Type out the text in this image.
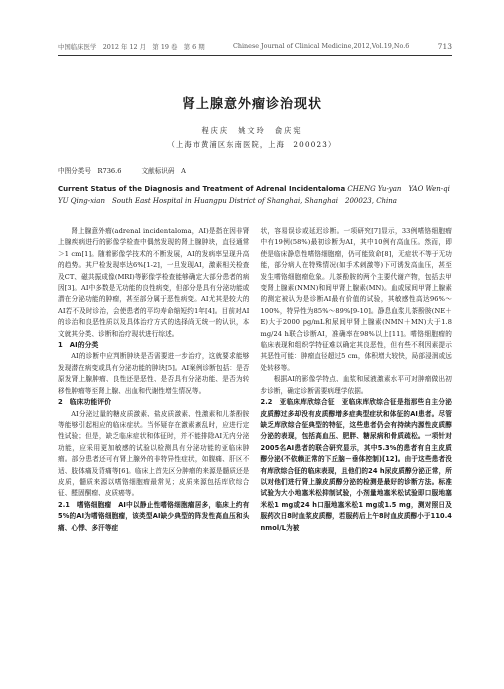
中国临床医学　2012 年 12 月　第 19 卷　第 6 期	Chinese Journal of Clinical Medicine,2012,Vol.19,No.6	713
肾上腺意外瘤诊治现状
程庆庆　姚文玲　俞庆宪
（上海市黄浦区东南医院，上海　200023）
中图分类号　R736.6	文献标识码　A
Current Status of the Diagnosis and Treatment of Adrenal Incidentaloma CHENG Yu-yan　YAO Wen-qi　YU Qing-xian　South East Hospital in Huangpu District of Shanghai, Shanghai　200023, China

肾上腺意外瘤(adrenal incidentaloma，AI)是指在因非肾上腺疾病进行的影像学检查中偶然发现的肾上腺肿块，直径通常＞1 cm[1]。随着影像学技术的不断发展，AI的发病率呈现升高的趋势。其尸检发现率达6%[1-2]，一旦发现AI，激素相关检查及CT、磁共振成像(MRI)等影像学检查能够确定大部分患者的病因[3]。AI中多数是无功能的良性病变，但部分是具有分泌功能或潜在分泌功能的肿瘤，甚至部分属于恶性病变。AI尤其是较大的AI若不及时诊治，会使患者的平均寿命缩短约1年[4]。目前对AI的诊治和良恶性质以及具体治疗方式的选择尚无统一的认识，本文就其分类、诊断和治疗现状进行综述。

1　AI的分类

AI的诊断中应判断肿块是否需要进一步治疗，这就要求能够发现潜在病变或具有分泌功能的肿块[5]。AI案例诊断包括：是否原发肾上腺肿瘤、良性还是恶性、是否具有分泌功能、是否为转移性肿瘤等至肾上腺、出血和代谢性增生情况等。

2　临床功能评价

AI分泌过量的糖皮质激素、盐皮质激素、性激素和儿茶酚胺等能够引起相应的临床症状。当怀疑存在激素紊乱时，应进行定性试验；但是，缺乏临床症状和体征时，并不能排除AI无内分泌功能，应采用更加敏感的试验以检测具有分泌功能的亚临床肿瘤。部分患者还可有肾上腺外的非特异性症状，如腹痛、肝区不适、肢体痛及背痛等[6]。临床上首先区分肿瘤的来源是髓质还是皮质，髓质来源以嗜铬细胞瘤最常见；皮质来源包括库欣综合征、醛固酮瘤、皮质癌等。

2.1　嗜铬细胞瘤　AI中以静止性嗜铬细胞瘤居多，临床上约有5%的AI为嗜铬细胞瘤，该类型AI缺少典型的阵发性高血压和头痛、心悸、多汗等症

状，容易误诊或延迟诊断。一项研究[7]显示，33例嗜铬细胞瘤中有19例(58%)最初诊断为AI，其中10例有高血压。然而，即使是临床静息性嗜铬细胞瘤，仍可能致命[8]，无症状不等于无功能，部分病人在特殊情况(如手术刺激等)下可诱发高血压，甚至发生嗜铬细胞瘤危象。儿茶酚胺的两个主要代谢产物，包括去甲变肾上腺素(NMN)和间甲肾上腺素(MN)。血或尿间甲肾上腺素的测定被认为是诊断AI最有价值的试验，其敏感性高达96%～100%，特异性为85%～89%[9-10]。静息血浆儿茶酚胺(NE＋E)大于2000 pg/mL和尿间甲肾上腺素(NMN＋MN)大于1.8 mg/24 h联合诊断AI，准确率在98%以上[11]。嗜铬细胞瘤的临床表现和组织学特征难以确定其良恶性，但有些不利因素提示其恶性可能：肿瘤直径超过5 cm，体积增大较快，局部浸润或远处转移等。

根据AI的影像学特点、血浆和尿液激素水平可对肿瘤做出初步诊断，确定诊断需要病理学依据。

2.2　亚临床库欣综合征　亚临床库欣综合征是指那些自主分泌皮质醇过多却没有皮质醇增多症典型症状和体征的AI患者。尽管缺乏库欣综合征典型的特征，这些患者仍会有持续内源性皮质醇分泌的表现，包括高血压、肥胖、糖尿病和骨质疏松。一项针对2005名AI患者的联合研究显示，其中5.3%的患者有自主皮质醇分泌(不依赖正常的下丘脑－垂体控制)[12]。由于这些患者没有库欣综合征的临床表现，且他们的24 h尿皮质醇分泌正常，所以对他们进行肾上腺皮质醇分泌的检测是最好的诊断方法。标准试验为大小地塞米松抑制试验，小剂量地塞米松试验即口服地塞米松1 mg或24 h口服地塞米松1 mg或1.5 mg，测对照日及服药次日8时血浆皮质醇，若服药后上午8时血皮质醇小于110.4 nmol/L为被
